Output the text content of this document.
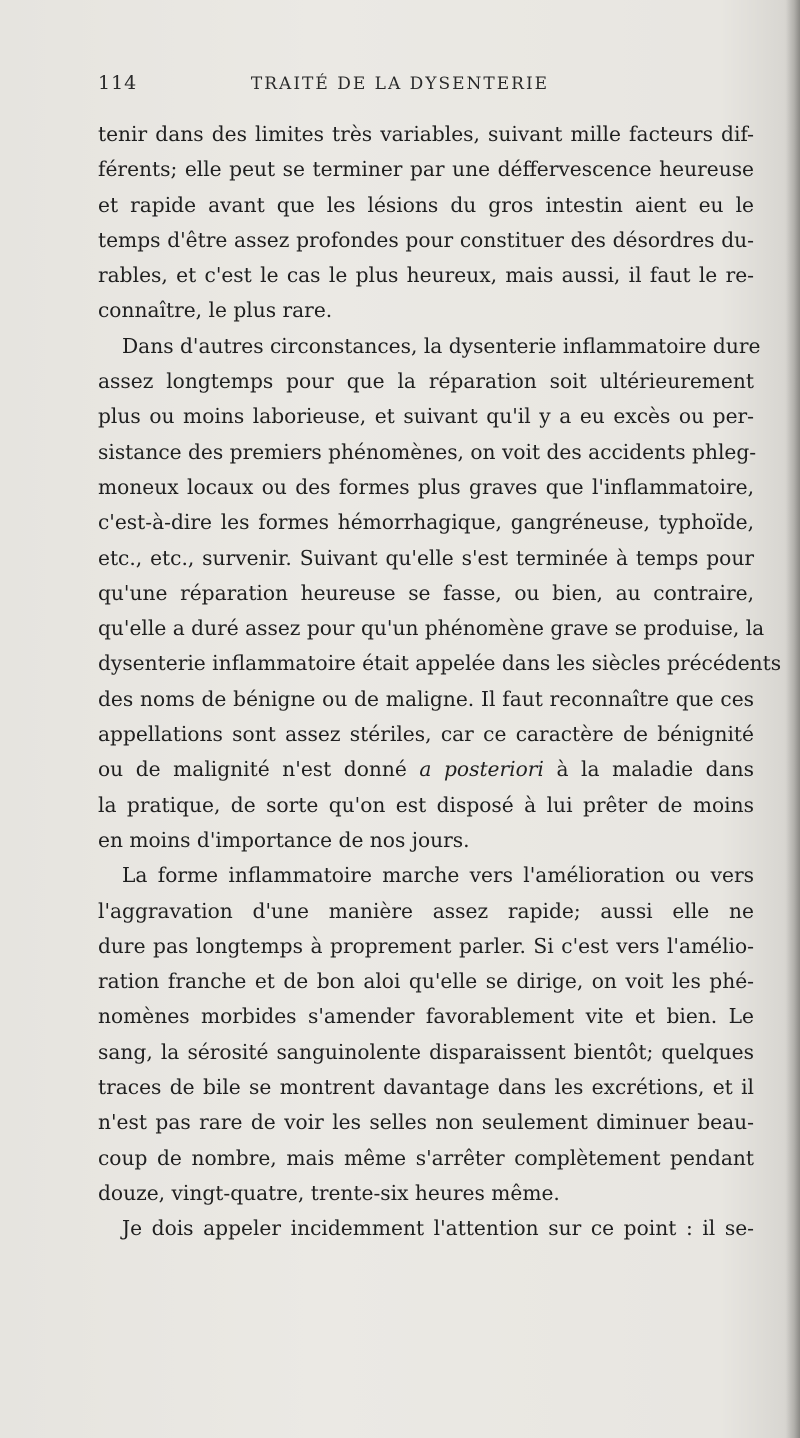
114	TRAITÉ DE LA DYSENTERIE
tenir dans des limites très variables, suivant mille facteurs dif-
férents; elle peut se terminer par une déffervescence heureuse
et rapide avant que les lésions du gros intestin aient eu le
temps d'être assez profondes pour constituer des désordres du-
rables, et c'est le cas le plus heureux, mais aussi, il faut le re-
connaître, le plus rare.
Dans d'autres circonstances, la dysenterie inflammatoire dure
assez longtemps pour que la réparation soit ultérieurement
plus ou moins laborieuse, et suivant qu'il y a eu excès ou per-
sistance des premiers phénomènes, on voit des accidents phleg-
moneux locaux ou des formes plus graves que l'inflammatoire,
c'est-à-dire les formes hémorrhagique, gangréneuse, typhoïde,
etc., etc., survenir. Suivant qu'elle s'est terminée à temps pour
qu'une réparation heureuse se fasse, ou bien, au contraire,
qu'elle a duré assez pour qu'un phénomène grave se produise, la
dysenterie inflammatoire était appelée dans les siècles précédents
des noms de bénigne ou de maligne. Il faut reconnaître que ces
appellations sont assez stériles, car ce caractère de bénignité
ou de malignité n'est donné a posteriori à la maladie dans
la pratique, de sorte qu'on est disposé à lui prêter de moins
en moins d'importance de nos jours.
La forme inflammatoire marche vers l'amélioration ou vers
l'aggravation d'une manière assez rapide; aussi elle ne
dure pas longtemps à proprement parler. Si c'est vers l'amélio-
ration franche et de bon aloi qu'elle se dirige, on voit les phé-
nomènes morbides s'amender favorablement vite et bien. Le
sang, la sérosité sanguinolente disparaissent bientôt; quelques
traces de bile se montrent davantage dans les excrétions, et il
n'est pas rare de voir les selles non seulement diminuer beau-
coup de nombre, mais même s'arrêter complètement pendant
douze, vingt-quatre, trente-six heures même.
Je dois appeler incidemment l'attention sur ce point : il se-
